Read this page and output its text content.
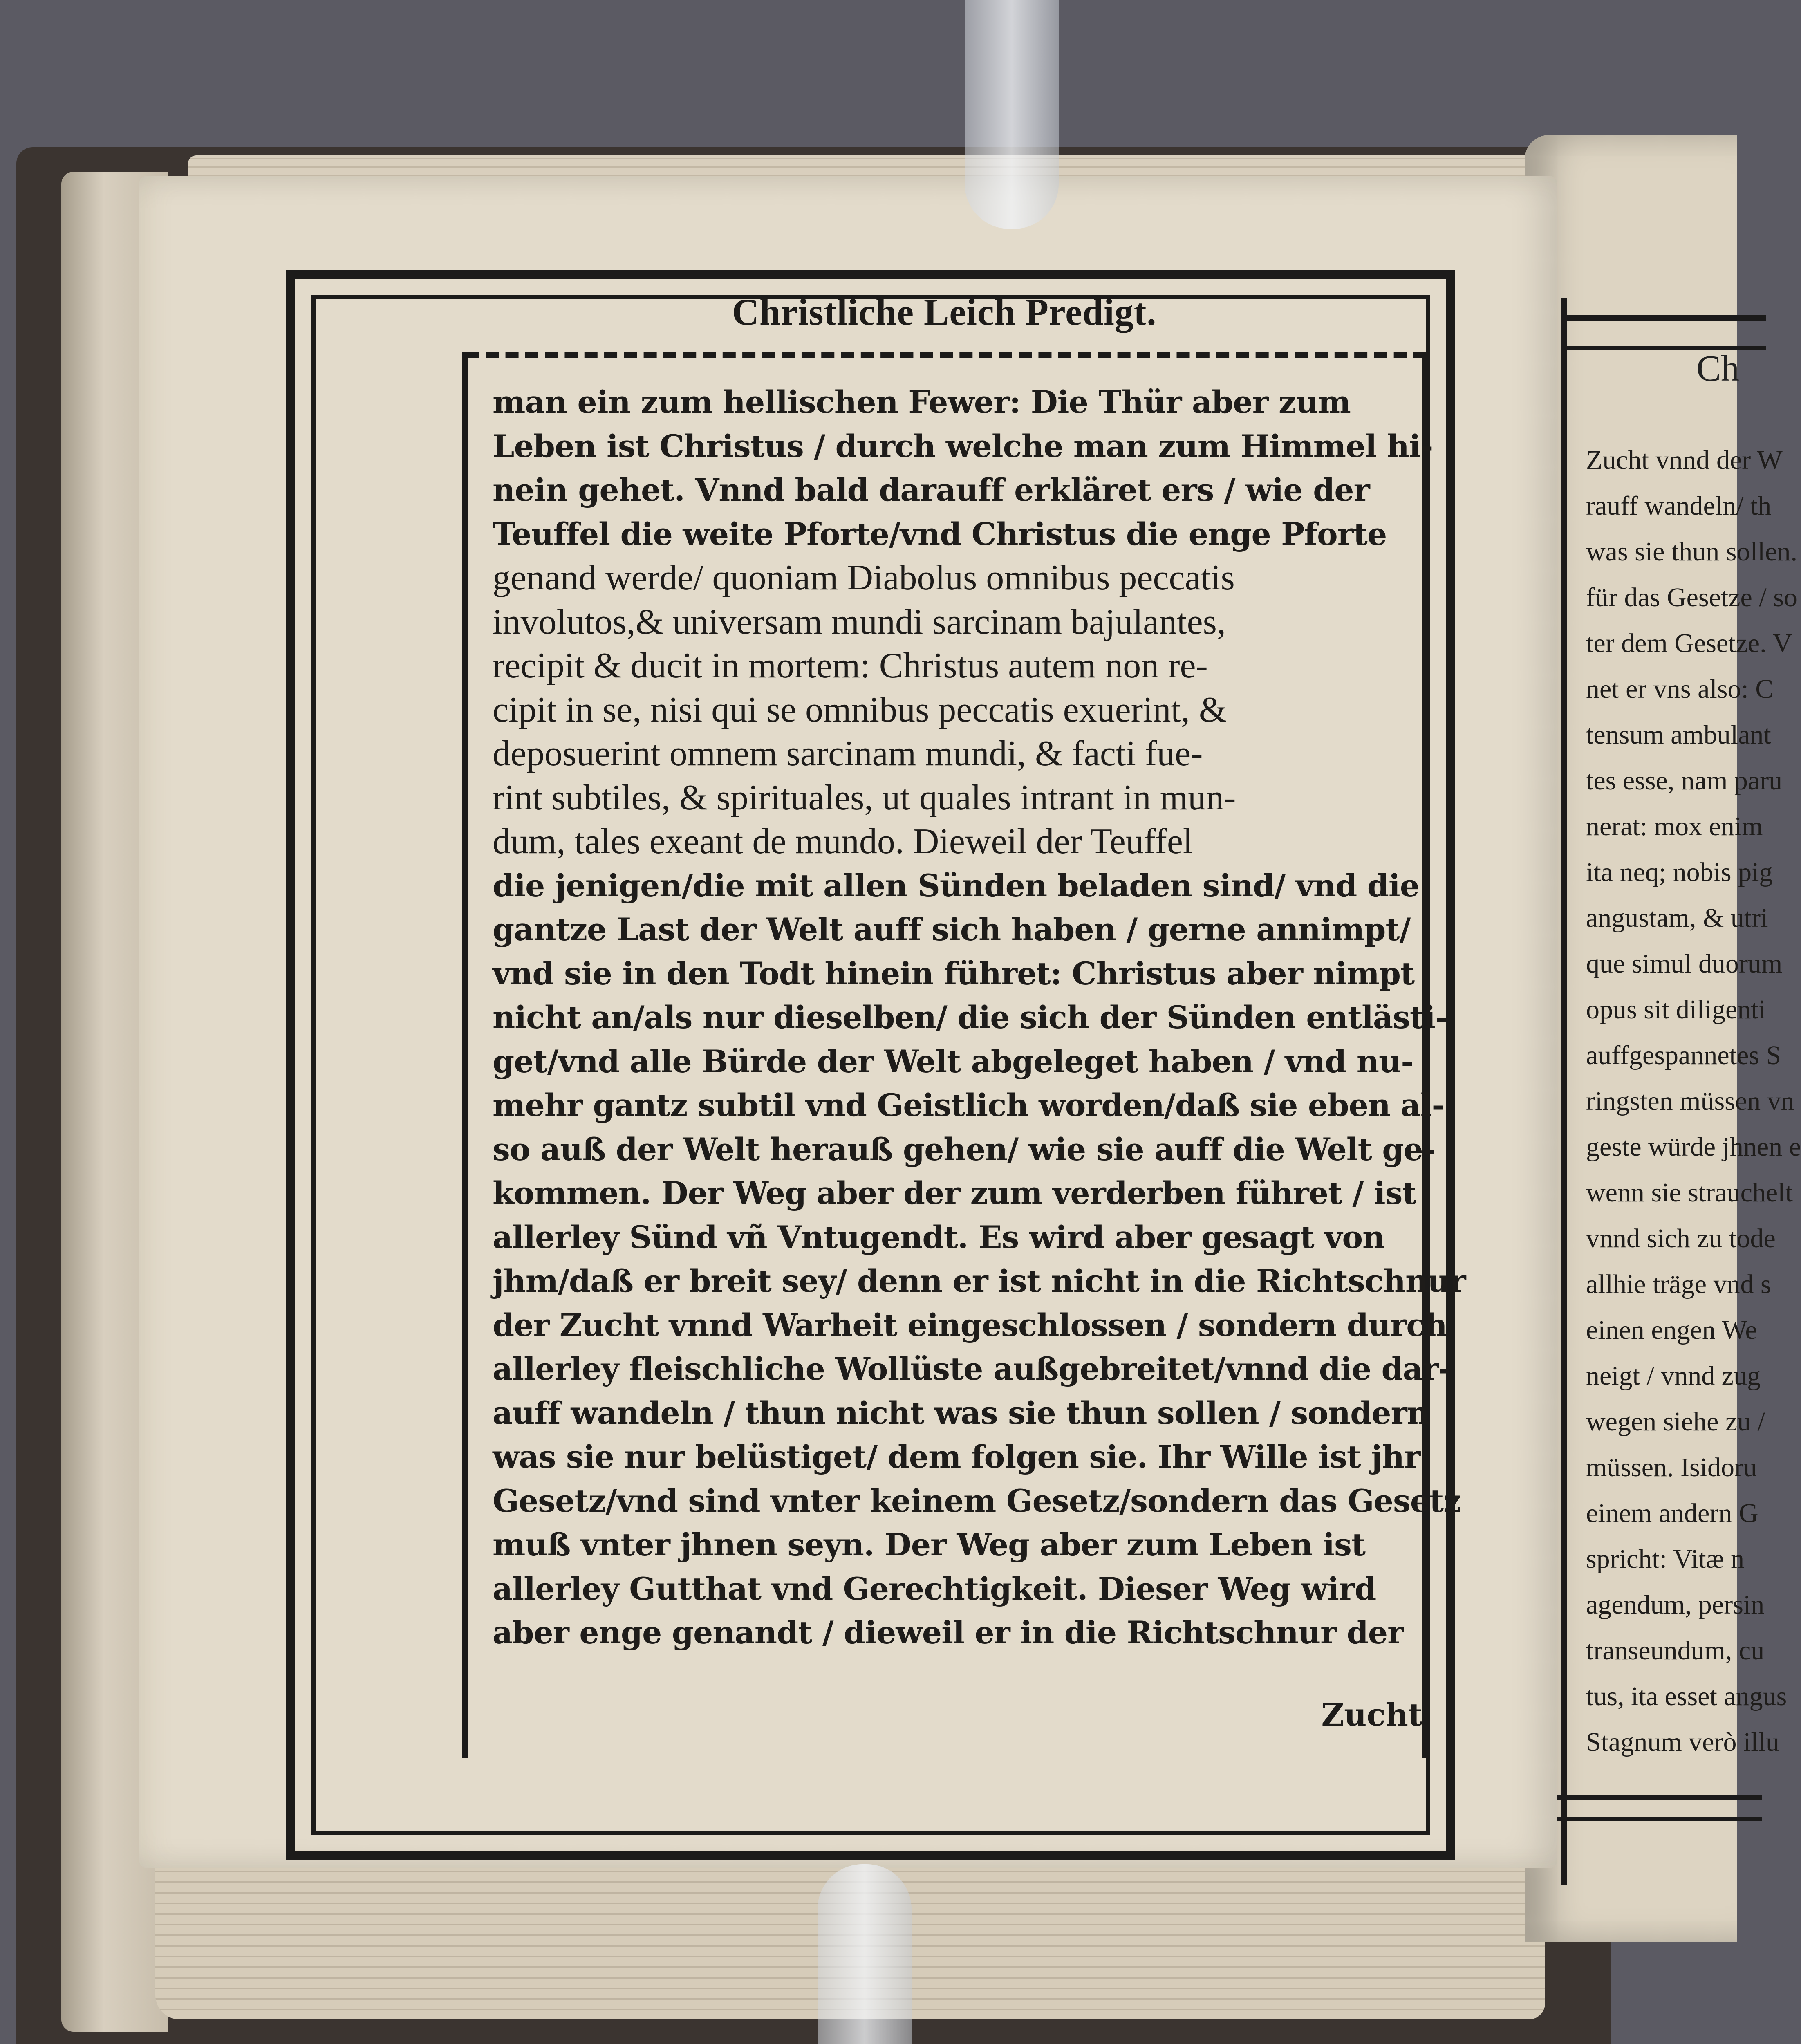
Ch
Zucht vnnd der W
rauff wandeln/ th
was sie thun sollen.
für das Gesetze / so
ter dem Gesetze. V
net er vns also: C
tensum ambulant
tes esse, nam paru
nerat: mox enim
ita neq; nobis pig
angustam, & utri
que simul duorum
opus sit diligenti
auffgespannetes S
ringsten müssen vn
geste würde jhnen e
wenn sie strauchelt
vnnd sich zu tode
allhie träge vnd s
einen engen We
neigt / vnnd zug
wegen siehe zu /
müssen. Isidoru
einem andern G
spricht: Vitæ n
agendum, persin
transeundum, cu
tus, ita esset angus
Stagnum verò illu
Christliche Leich Predigt.
man ein zum hellischen Fewer: Die Thür aber zum
Leben ist Christus / durch welche man zum Himmel hi-
nein gehet. Vnnd bald darauff erkläret ers / wie der
Teuffel die weite Pforte/vnd Christus die enge Pforte
genand werde/ quoniam Diabolus omnibus peccatis
involutos,& universam mundi sarcinam bajulantes,
recipit & ducit in mortem: Christus autem non re-
cipit in se, nisi qui se omnibus peccatis exuerint, &
deposuerint omnem sarcinam mundi, & facti fue-
rint subtiles, & spirituales, ut quales intrant in mun-
dum, tales exeant de mundo. Dieweil der Teuffel
die jenigen/die mit allen Sünden beladen sind/ vnd die
gantze Last der Welt auff sich haben / gerne annimpt/
vnd sie in den Todt hinein führet: Christus aber nimpt
nicht an/als nur dieselben/ die sich der Sünden entlästi-
get/vnd alle Bürde der Welt abgeleget haben / vnd nu-
mehr gantz subtil vnd Geistlich worden/daß sie eben al-
so auß der Welt herauß gehen/ wie sie auff die Welt ge-
kommen. Der Weg aber der zum verderben führet / ist
allerley Sünd vñ Vntugendt. Es wird aber gesagt von
jhm/daß er breit sey/ denn er ist nicht in die Richtschnur
der Zucht vnnd Warheit eingeschlossen / sondern durch
allerley fleischliche Wollüste außgebreitet/vnnd die dar-
auff wandeln / thun nicht was sie thun sollen / sondern
was sie nur belüstiget/ dem folgen sie. Ihr Wille ist jhr
Gesetz/vnd sind vnter keinem Gesetz/sondern das Gesetz
muß vnter jhnen seyn. Der Weg aber zum Leben ist
allerley Gutthat vnd Gerechtigkeit. Dieser Weg wird
aber enge genandt / dieweil er in die Richtschnur der
Zucht
